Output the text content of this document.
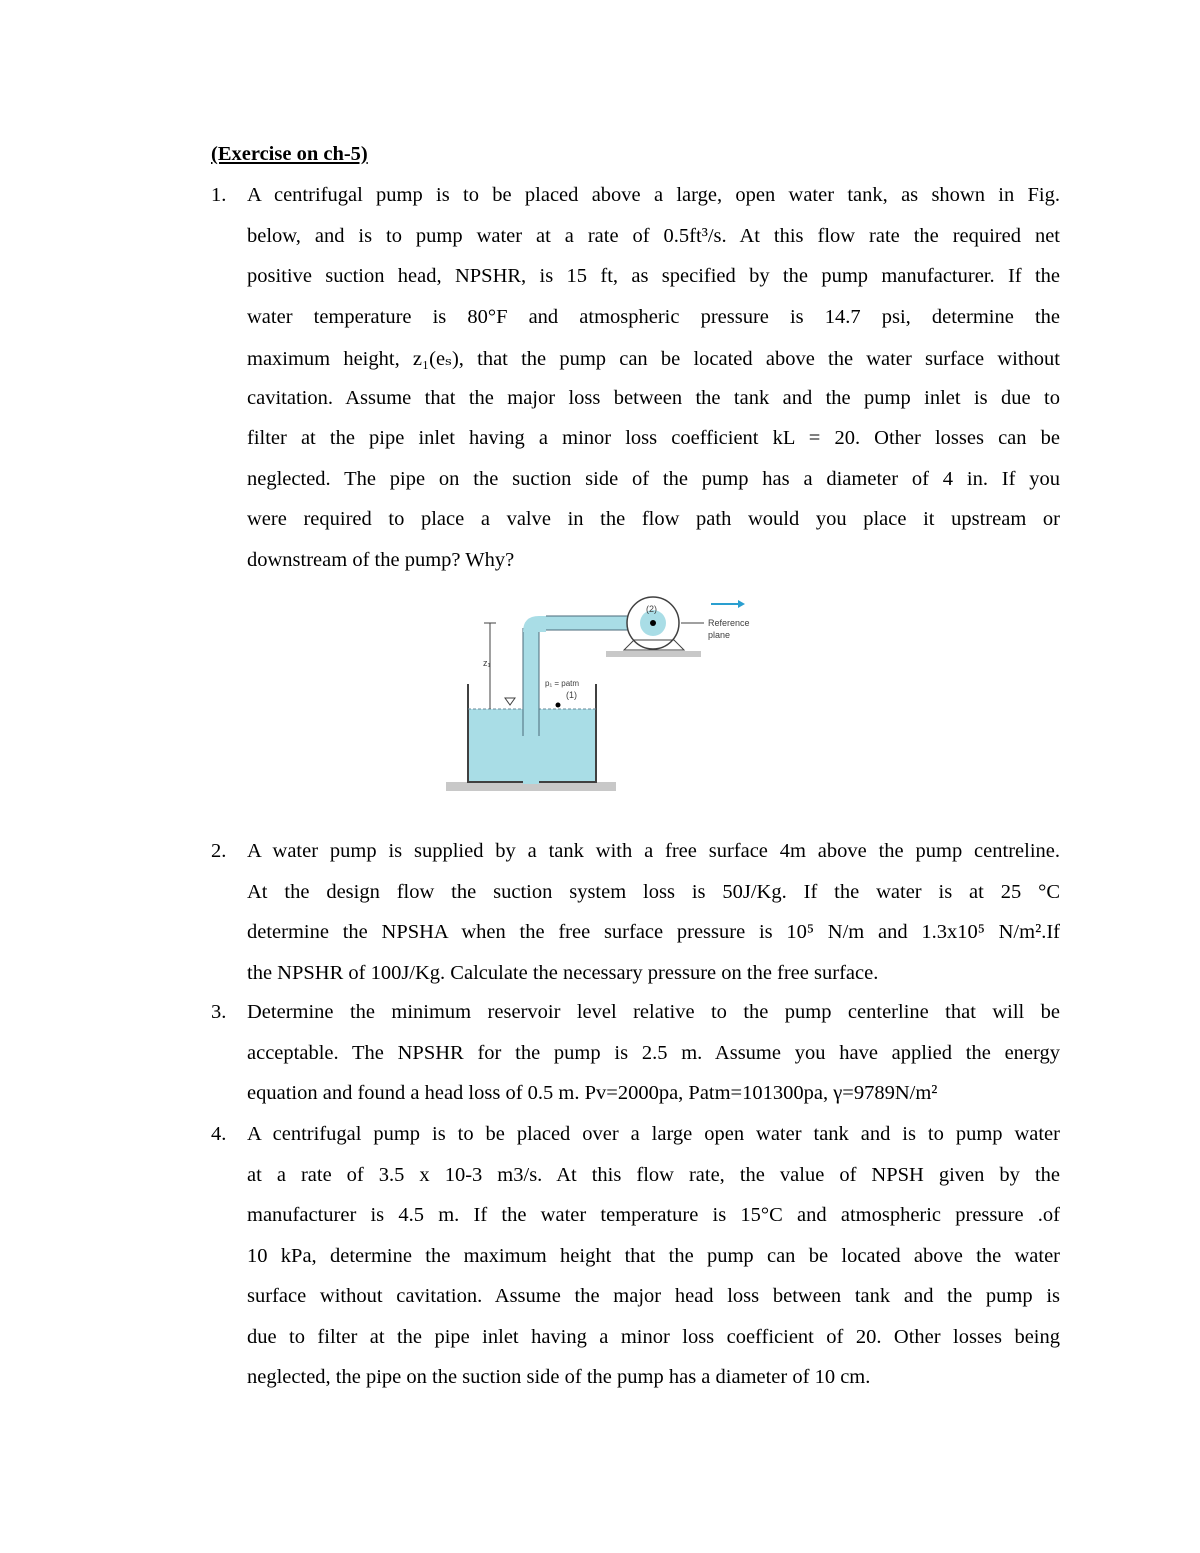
(Exercise on ch-5)
1. A centrifugal pump is to be placed above a large, open water tank, as shown in Fig.
below, and is to pump water at a rate of 0.5ft³/s. At this flow rate the required net
positive suction head, NPSHR, is 15 ft, as specified by the pump manufacturer. If the
water temperature is 80°F and atmospheric pressure is 14.7 psi, determine the
maximum height, z₁(eₛ), that the pump can be located above the water surface without
cavitation. Assume that the major loss between the tank and the pump inlet is due to
filter at the pipe inlet having a minor loss coefficient kL = 20. Other losses can be
neglected. The pipe on the suction side of the pump has a diameter of 4 in. If you
were required to place a valve in the flow path would you place it upstream or
downstream of the pump? Why?
Reference
plane
(2)
z₁
p₁ = patm
(1)
2. A water pump is supplied by a tank with a free surface 4m above the pump centreline.
At the design flow the suction system loss is 50J/Kg. If the water is at 25 °C
determine the NPSHA when the free surface pressure is 10⁵ N/m and 1.3x10⁵ N/m².If
the NPSHR of 100J/Kg. Calculate the necessary pressure on the free surface.
3. Determine the minimum reservoir level relative to the pump centerline that will be
acceptable. The NPSHR for the pump is 2.5 m. Assume you have applied the energy
equation and found a head loss of 0.5 m. Pv=2000pa, Patm=101300pa, γ=9789N/m²
4. A centrifugal pump is to be placed over a large open water tank and is to pump water
at a rate of 3.5 x 10-3 m3/s. At this flow rate, the value of NPSH given by the
manufacturer is 4.5 m. If the water temperature is 15°C and atmospheric pressure .of
10 kPa, determine the maximum height that the pump can be located above the water
surface without cavitation. Assume the major head loss between tank and the pump is
due to filter at the pipe inlet having a minor loss coefficient of 20. Other losses being
neglected, the pipe on the suction side of the pump has a diameter of 10 cm.
